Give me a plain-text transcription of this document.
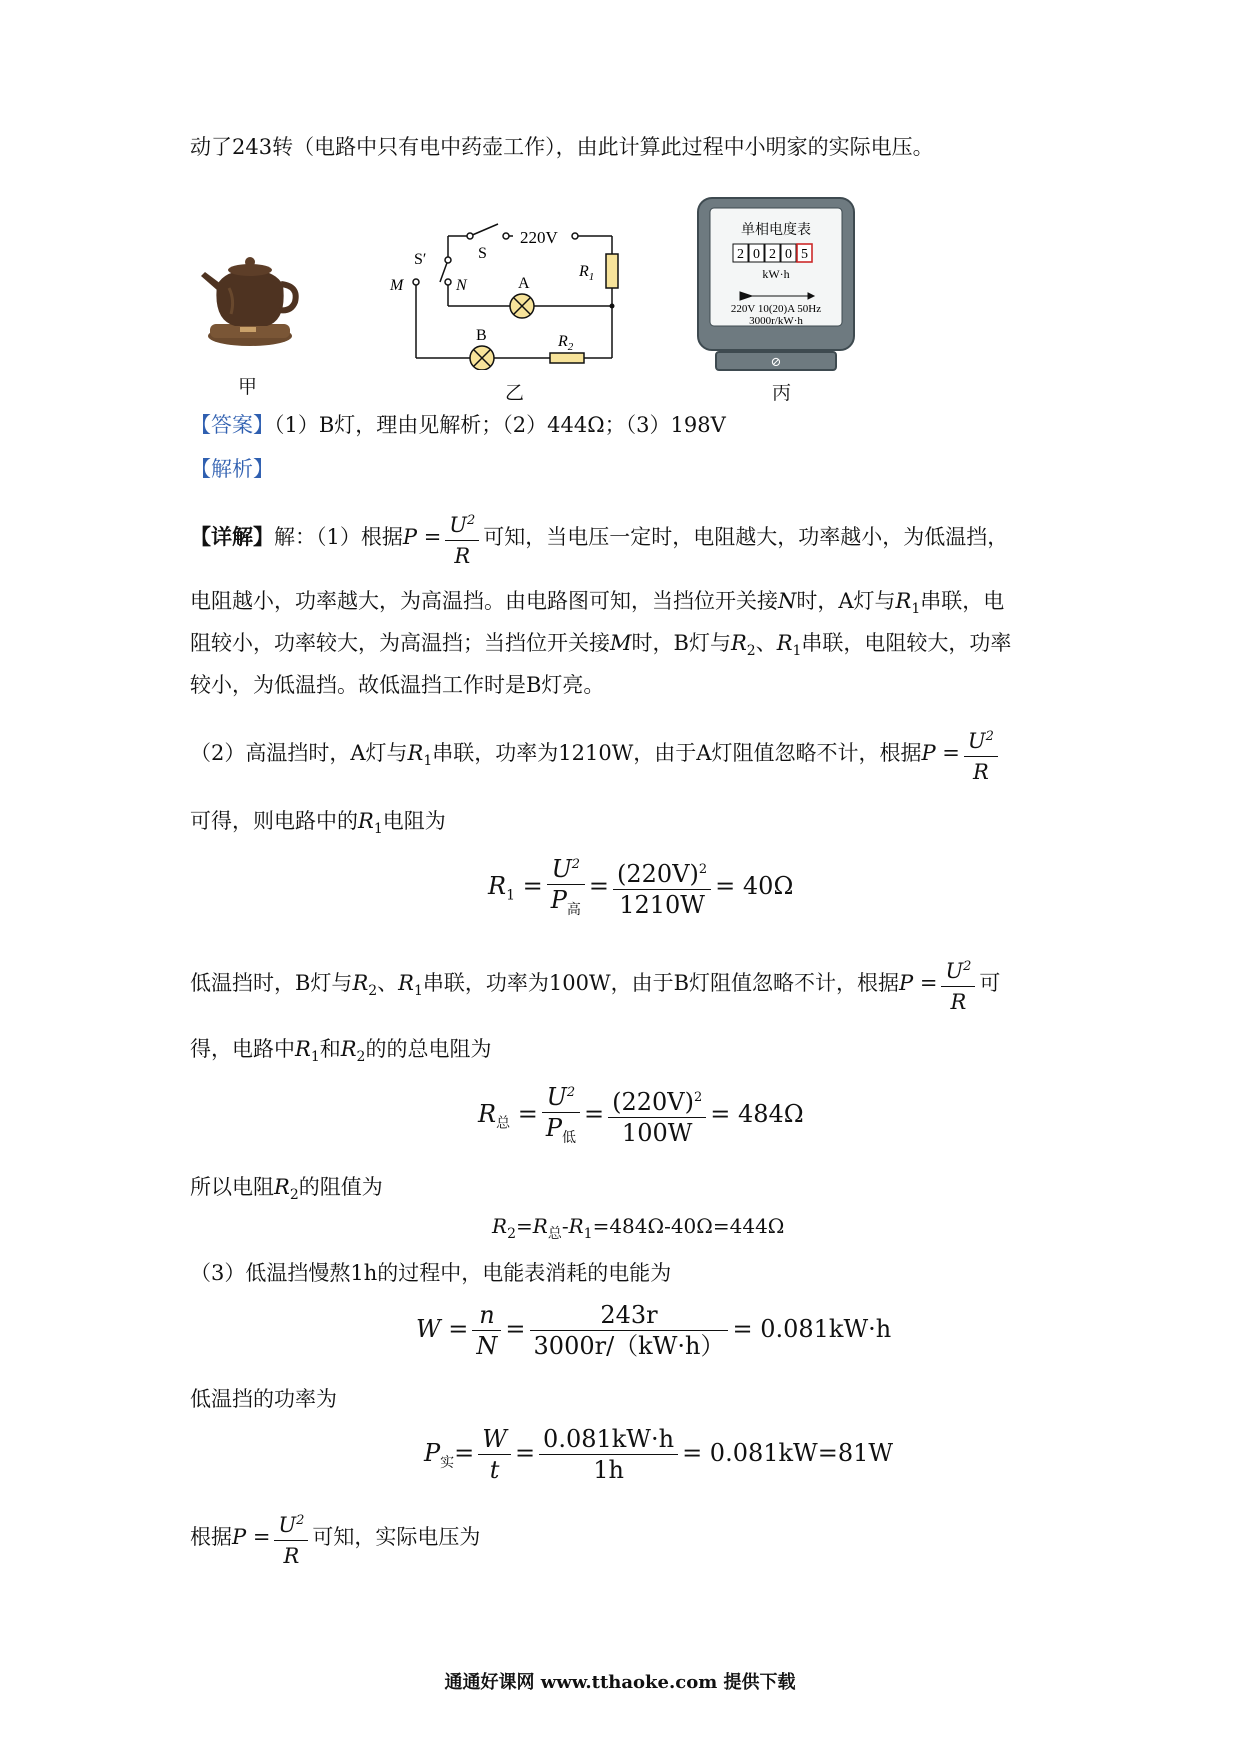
动了243转（电路中只有电中药壶工作），由此计算此过程中小明家的实际电压。
甲
S′	S
220V
M	N	A
B
$R_1$
$R_2$
乙
单相电度表
2 0 2 0 5
kW·h
220V 10(20)A 50Hz
3000r/kW·h
⊘
丙
【答案】（1）B灯，理由见解析；（2）444Ω；（3）198V
【解析】
【详解】解：（1）根据$P = \frac{U^2}{R}$ 可知，当电压一定时，电阻越大，功率越小，为低温挡，
电阻越小，功率越大，为高温挡。由电路图可知，当挡位开关接N时，A灯与$R_1$串联，电
阻较小，功率较大，为高温挡；当挡位开关接M时，B灯与$R_2$、$R_1$串联，电阻较大，功率
较小，为低温挡。故低温挡工作时是B灯亮。
（2）高温挡时，A灯与$R_1$串联，功率为1210W，由于A灯阻值忽略不计，根据$P = \frac{U^2}{R}$
可得，则电路中的$R_1$电阻为
$R_1 = \frac{U^2}{P_高} = \frac{(220V)^2}{1210W} = 40\Omega$
低温挡时，B灯与$R_2$、$R_1$串联，功率为100W，由于B灯阻值忽略不计，根据$P = \frac{U^2}{R}$ 可
得，电路中$R_1$和$R_2$的的总电阻为
$R_总 = \frac{U^2}{P_低} = \frac{(220V)^2}{100W} = 484\Omega$
所以电阻$R_2$的阻值为
$R_2=R_总-R_1=484\Omega-40\Omega=444\Omega$
（3）低温挡慢熬1h的过程中，电能表消耗的电能为
$W = \frac{n}{N} = \frac{243r}{3000r/(kW\cdot h)} = 0.081kW\cdot h$
低温挡的功率为
$P_实= \frac{W}{t} = \frac{0.081kW\cdot h}{1h} = 0.081kW=81W$
根据$P = \frac{U^2}{R}$ 可知，实际电压为
通通好课网 www.tthaoke.com 提供下载
